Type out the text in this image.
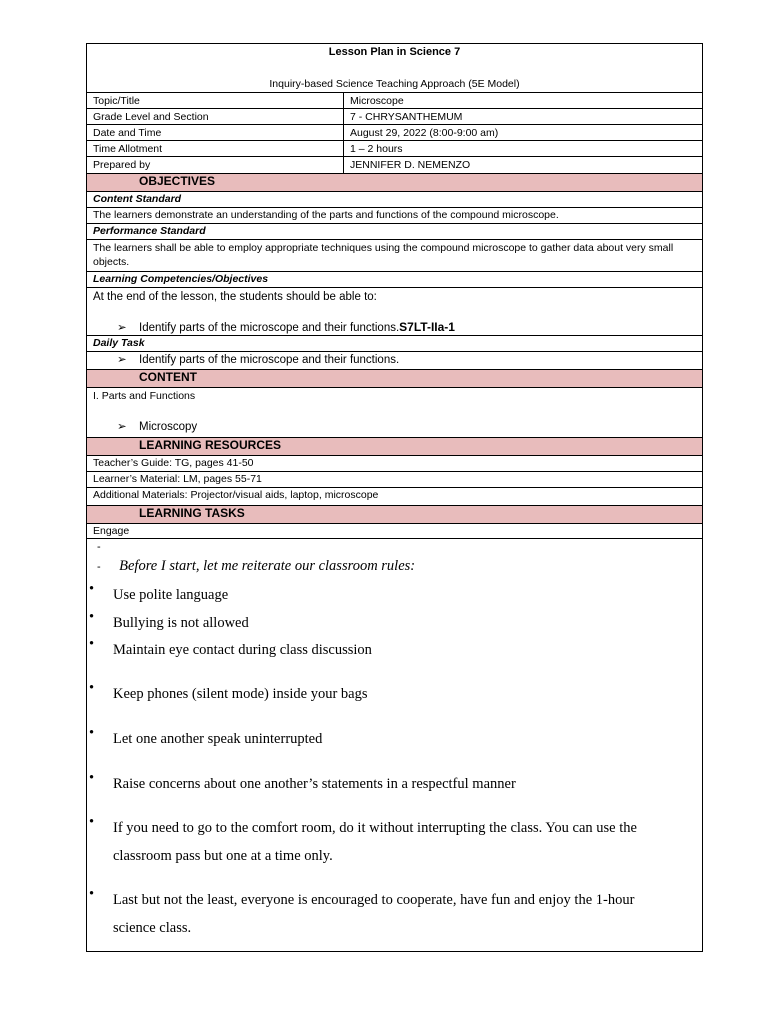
Lesson Plan in Science 7
Inquiry-based Science Teaching Approach (5E Model)
Topic/Title	Microscope
Grade Level and Section	7 - CHRYSANTHEMUM
Date and Time	August 29, 2022 (8:00-9:00 am)
Time Allotment	1 – 2 hours
Prepared by	JENNIFER D. NEMENZO
OBJECTIVES
Content Standard
The learners demonstrate an understanding of the parts and functions of the compound microscope.
Performance Standard
The learners shall be able to employ appropriate techniques using the compound microscope to gather data about very small objects.
Learning Competencies/Objectives
At the end of the lesson, the students should be able to:
➢ Identify parts of the microscope and their functions.S7LT-IIa-1
Daily Task
➢ Identify parts of the microscope and their functions.
CONTENT
I. Parts and Functions
➢ Microscopy
LEARNING RESOURCES
Teacher’s Guide: TG, pages 41-50
Learner’s Material: LM, pages 55-71
Additional Materials: Projector/visual aids, laptop, microscope
LEARNING TASKS
Engage
-
- Before I start, let me reiterate our classroom rules:
• Use polite language
• Bullying is not allowed
• Maintain eye contact during class discussion
• Keep phones (silent mode) inside your bags
• Let one another speak uninterrupted
• Raise concerns about one another’s statements in a respectful manner
• If you need to go to the comfort room, do it without interrupting the class. You can use the classroom pass but one at a time only.
• Last but not the least, everyone is encouraged to cooperate, have fun and enjoy the 1-hour science class.
